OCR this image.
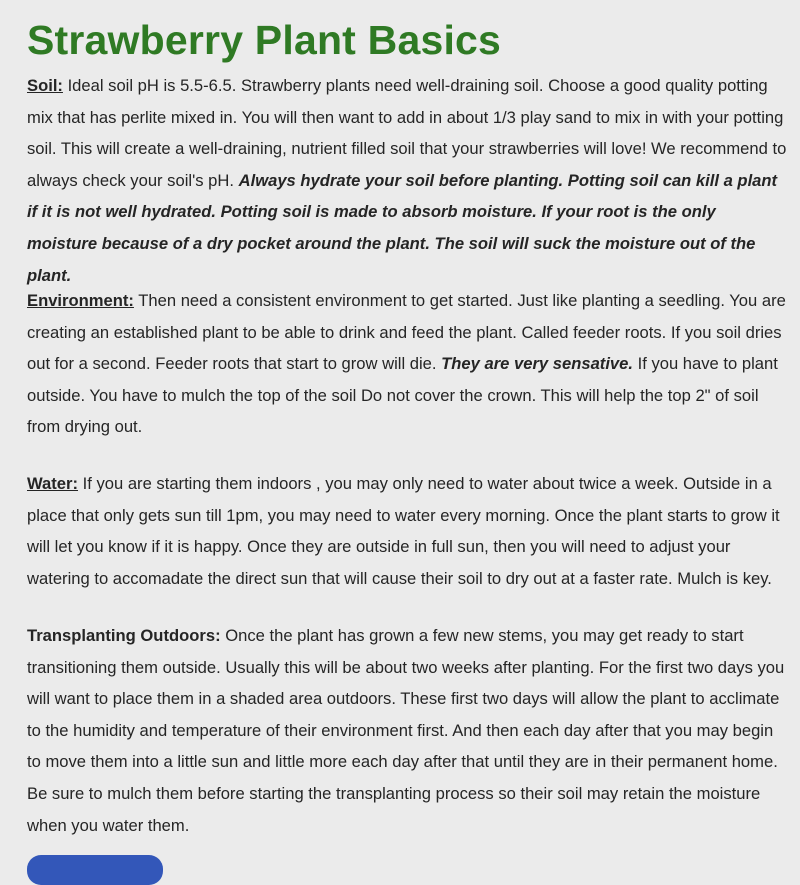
Strawberry Plant Basics

Soil: Ideal soil pH is 5.5-6.5. Strawberry plants need well-draining soil. Choose a good quality potting mix that has perlite mixed in. You will then want to add in about 1/3 play sand to mix in with your potting soil. This will create a well-draining, nutrient filled soil that your strawberries will love! We recommend to always check your soil's pH. Always hydrate your soil before planting. Potting soil can kill a plant if it is not well hydrated. Potting soil is made to absorb moisture. If your root is the only moisture because of a dry pocket around the plant. The soil will suck the moisture out of the plant.

Environment: Then need a consistent environment to get started. Just like planting a seedling. You are creating an established plant to be able to drink and feed the plant. Called feeder roots. If you soil dries out for a second. Feeder roots that start to grow will die. They are very sensative. If you have to plant outside. You have to mulch the top of the soil Do not cover the crown. This will help the top 2" of soil from drying out.

Water: If you are starting them indoors , you may only need to water about twice a week. Outside in a place that only gets sun till 1pm, you may need to water every morning. Once the plant starts to grow it will let you know if it is happy. Once they are outside in full sun, then you will need to adjust your watering to accomadate the direct sun that will cause their soil to dry out at a faster rate. Mulch is key.

Transplanting Outdoors: Once the plant has grown a few new stems, you may get ready to start transitioning them outside. Usually this will be about two weeks after planting. For the first two days you will want to place them in a shaded area outdoors. These first two days will allow the plant to acclimate to the humidity and temperature of their environment first. And then each day after that you may begin to move them into a little sun and little more each day after that until they are in their permanent home. Be sure to mulch them before starting the transplanting process so their soil may retain the moisture when you water them.
